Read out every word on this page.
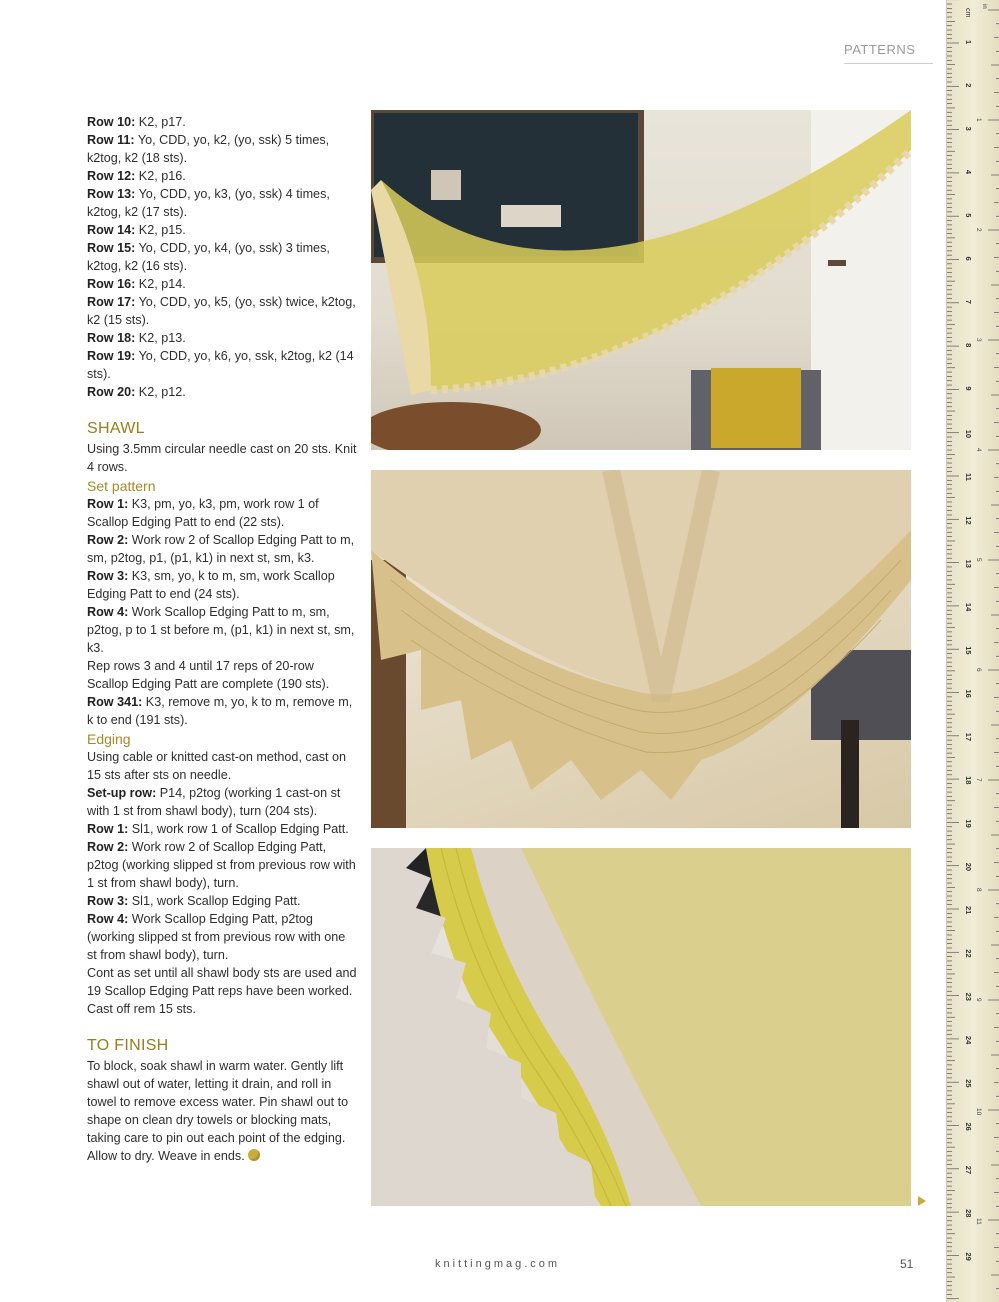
PATTERNS

Row 10: K2, p17.

Row 11: Yo, CDD, yo, k2, (yo, ssk) 5 times, k2tog, k2 (18 sts).

Row 12: K2, p16.

Row 13: Yo, CDD, yo, k3, (yo, ssk) 4 times, k2tog, k2 (17 sts).

Row 14: K2, p15.

Row 15: Yo, CDD, yo, k4, (yo, ssk) 3 times, k2tog, k2 (16 sts).

Row 16: K2, p14.

Row 17: Yo, CDD, yo, k5, (yo, ssk) twice, k2tog, k2 (15 sts).

Row 18: K2, p13.

Row 19: Yo, CDD, yo, k6, yo, ssk, k2tog, k2 (14 sts).

Row 20: K2, p12.

SHAWL

Using 3.5mm circular needle cast on 20 sts. Knit 4 rows.

Set pattern

Row 1: K3, pm, yo, k3, pm, work row 1 of Scallop Edging Patt to end (22 sts).

Row 2: Work row 2 of Scallop Edging Patt to m, sm, p2tog, p1, (p1, k1) in next st, sm, k3.

Row 3: K3, sm, yo, k to m, sm, work Scallop Edging Patt to end (24 sts).

Row 4: Work Scallop Edging Patt to m, sm, p2tog, p to 1 st before m, (p1, k1) in next st, sm, k3.

Rep rows 3 and 4 until 17 reps of 20-row Scallop Edging Patt are complete (190 sts).

Row 341: K3, remove m, yo, k to m, remove m, k to end (191 sts).

Edging

Using cable or knitted cast-on method, cast on 15 sts after sts on needle.

Set-up row: P14, p2tog (working 1 cast-on st with 1 st from shawl body), turn (204 sts).

Row 1: Sl1, work row 1 of Scallop Edging Patt.

Row 2: Work row 2 of Scallop Edging Patt, p2tog (working slipped st from previous row with 1 st from shawl body), turn.

Row 3: Sl1, work Scallop Edging Patt.

Row 4: Work Scallop Edging Patt, p2tog (working slipped st from previous row with one st from shawl body), turn.

Cont as set until all shawl body sts are used and 19 Scallop Edging Patt reps have been worked.

Cast off rem 15 sts.

TO FINISH

To block, soak shawl in warm water. Gently lift shawl out of water, letting it drain, and roll in towel to remove excess water. Pin shawl out to shape on clean dry towels or blocking mats, taking care to pin out each point of the edging. Allow to dry. Weave in ends.

knittingmag.com	51
cm
1
2
3
4
5
6
7
8
9
10
11
12
13
14
15
16
17
18
19
20
21
22
23
24
25
26
27
28
29
in
1
2
3
4
5
6
7
8
9
10
11
